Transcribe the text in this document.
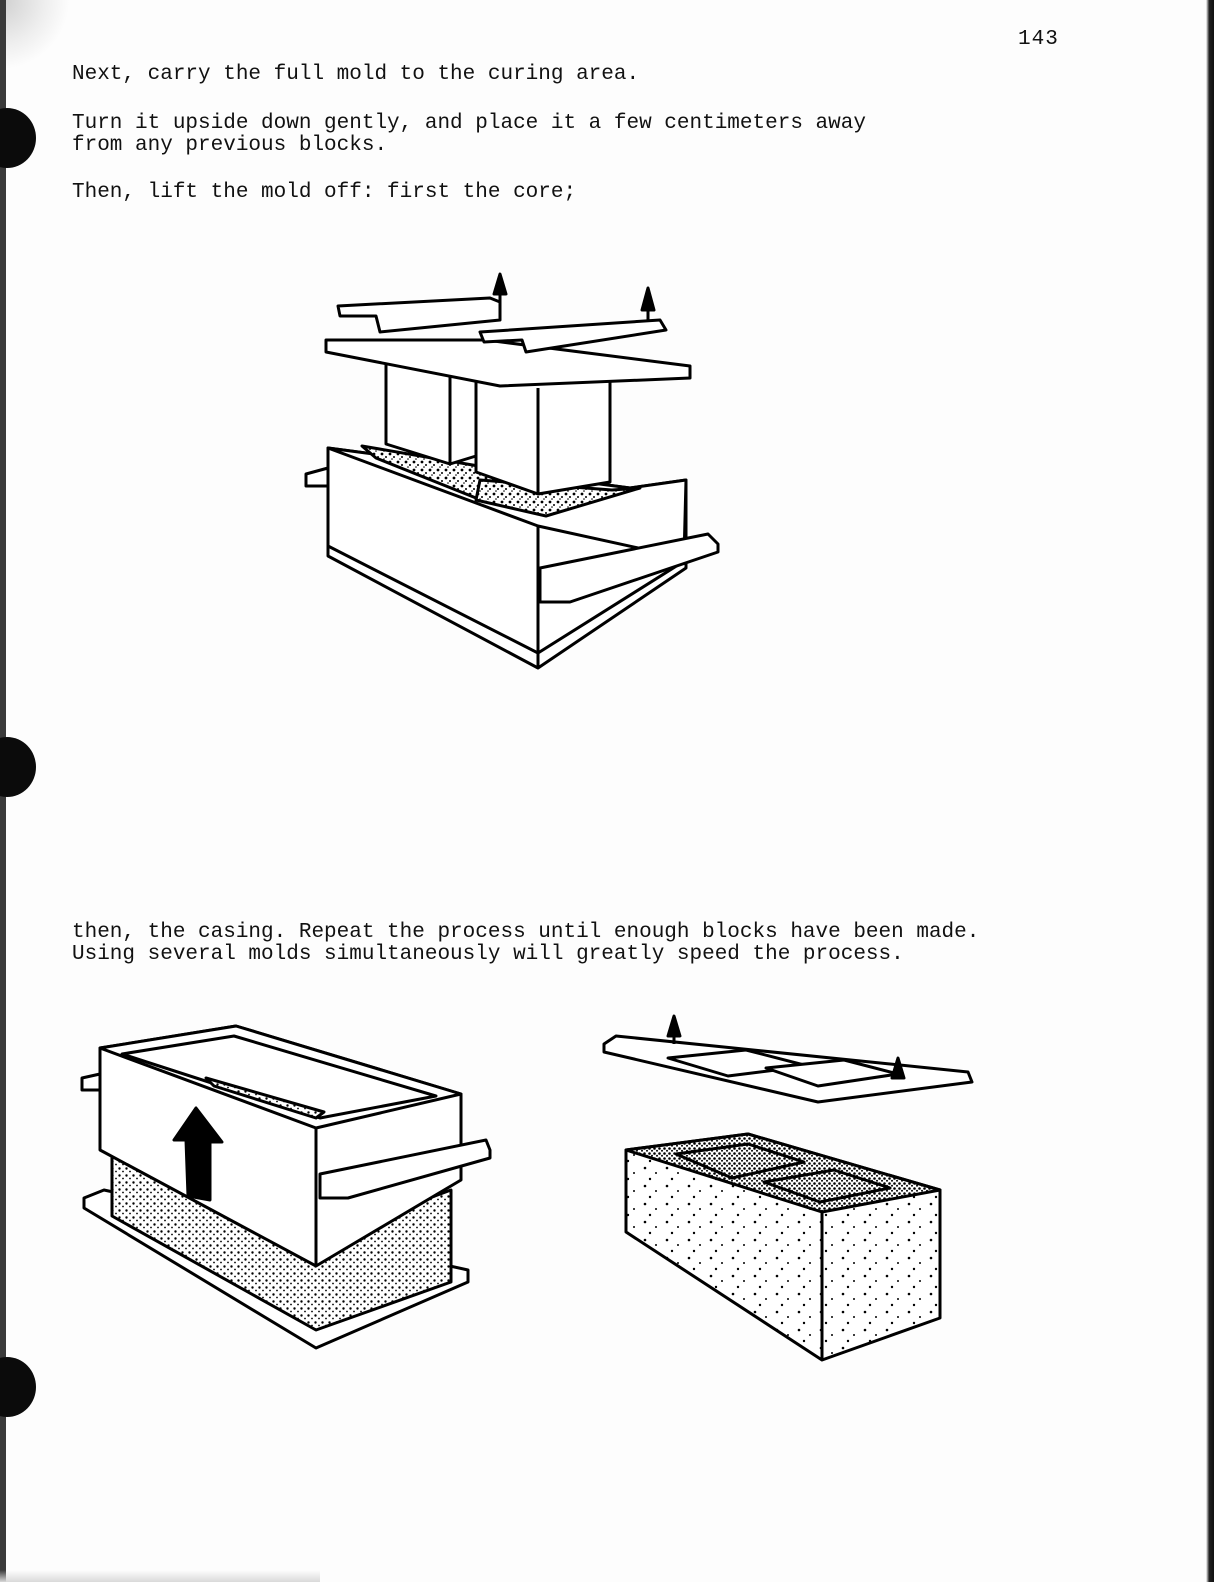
143
Next, carry the full mold to the curing area.
Turn it upside down gently, and place it a few centimeters away
from any previous blocks.
Then, lift the mold off: first the core;
then, the casing. Repeat the process until enough blocks have been made. Using several molds simultaneously will greatly speed the process.
